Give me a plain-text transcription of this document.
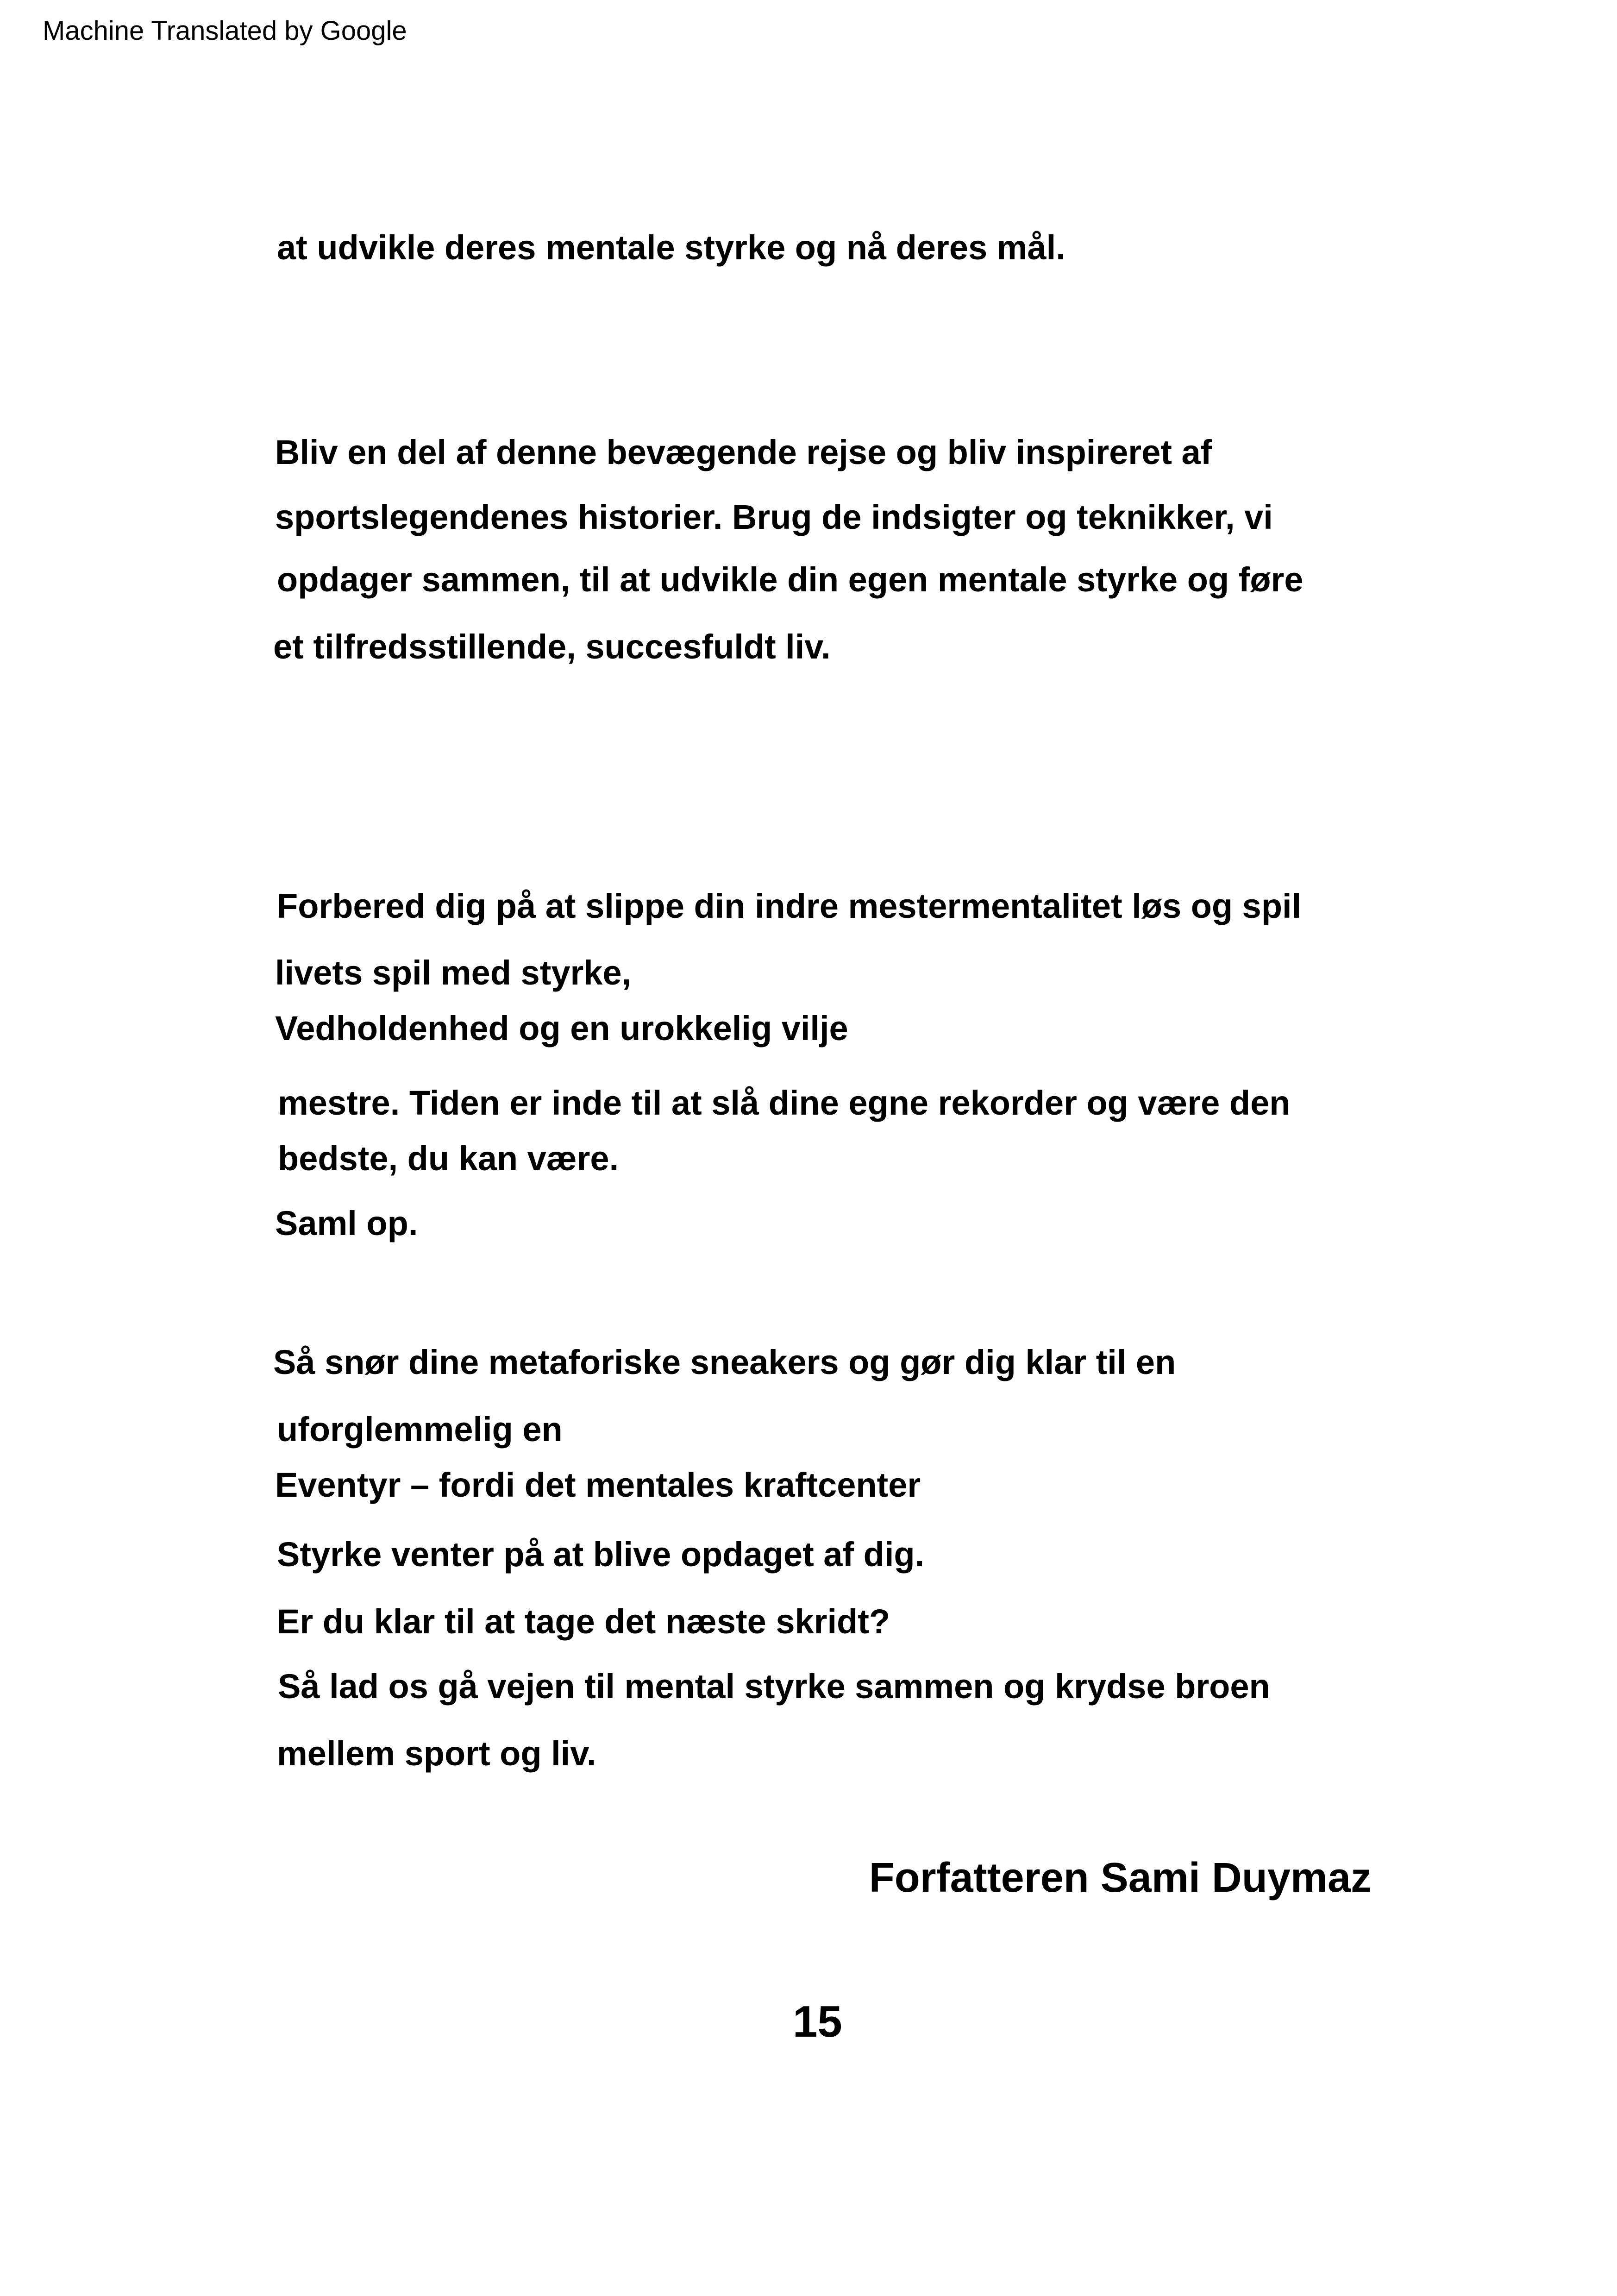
Machine Translated by Google
at udvikle deres mentale styrke og nå deres mål.
Bliv en del af denne bevægende rejse og bliv inspireret af
sportslegendenes historier. Brug de indsigter og teknikker, vi
opdager sammen, til at udvikle din egen mentale styrke og føre
et tilfredsstillende, succesfuldt liv.
Forbered dig på at slippe din indre mestermentalitet løs og spil
livets spil med styrke,
Vedholdenhed og en urokkelig vilje
mestre. Tiden er inde til at slå dine egne rekorder og være den
bedste, du kan være.
Saml op.
Så snør dine metaforiske sneakers og gør dig klar til en
uforglemmelig en
Eventyr – fordi det mentales kraftcenter
Styrke venter på at blive opdaget af dig.
Er du klar til at tage det næste skridt?
Så lad os gå vejen til mental styrke sammen og krydse broen
mellem sport og liv.
Forfatteren Sami Duymaz
15
